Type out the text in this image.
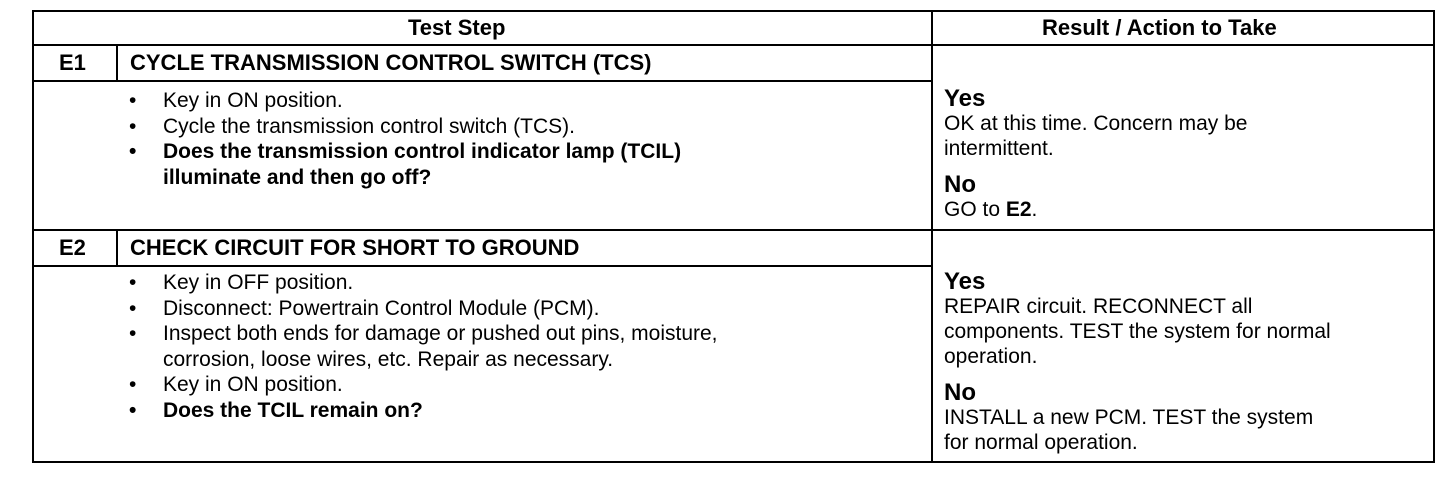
Test Step	Result / Action to Take
E1 CYCLE TRANSMISSION CONTROL SWITCH (TCS)
• Key in ON position.
• Cycle the transmission control switch (TCS).
• Does the transmission control indicator lamp (TCIL)
illuminate and then go off?
Yes
OK at this time. Concern may be
intermittent.
No
GO to E2.
E2 CHECK CIRCUIT FOR SHORT TO GROUND
• Key in OFF position.
• Disconnect: Powertrain Control Module (PCM).
• Inspect both ends for damage or pushed out pins, moisture,
corrosion, loose wires, etc. Repair as necessary.
• Key in ON position.
• Does the TCIL remain on?
Yes
REPAIR circuit. RECONNECT all
components. TEST the system for normal
operation.
No
INSTALL a new PCM. TEST the system
for normal operation.
